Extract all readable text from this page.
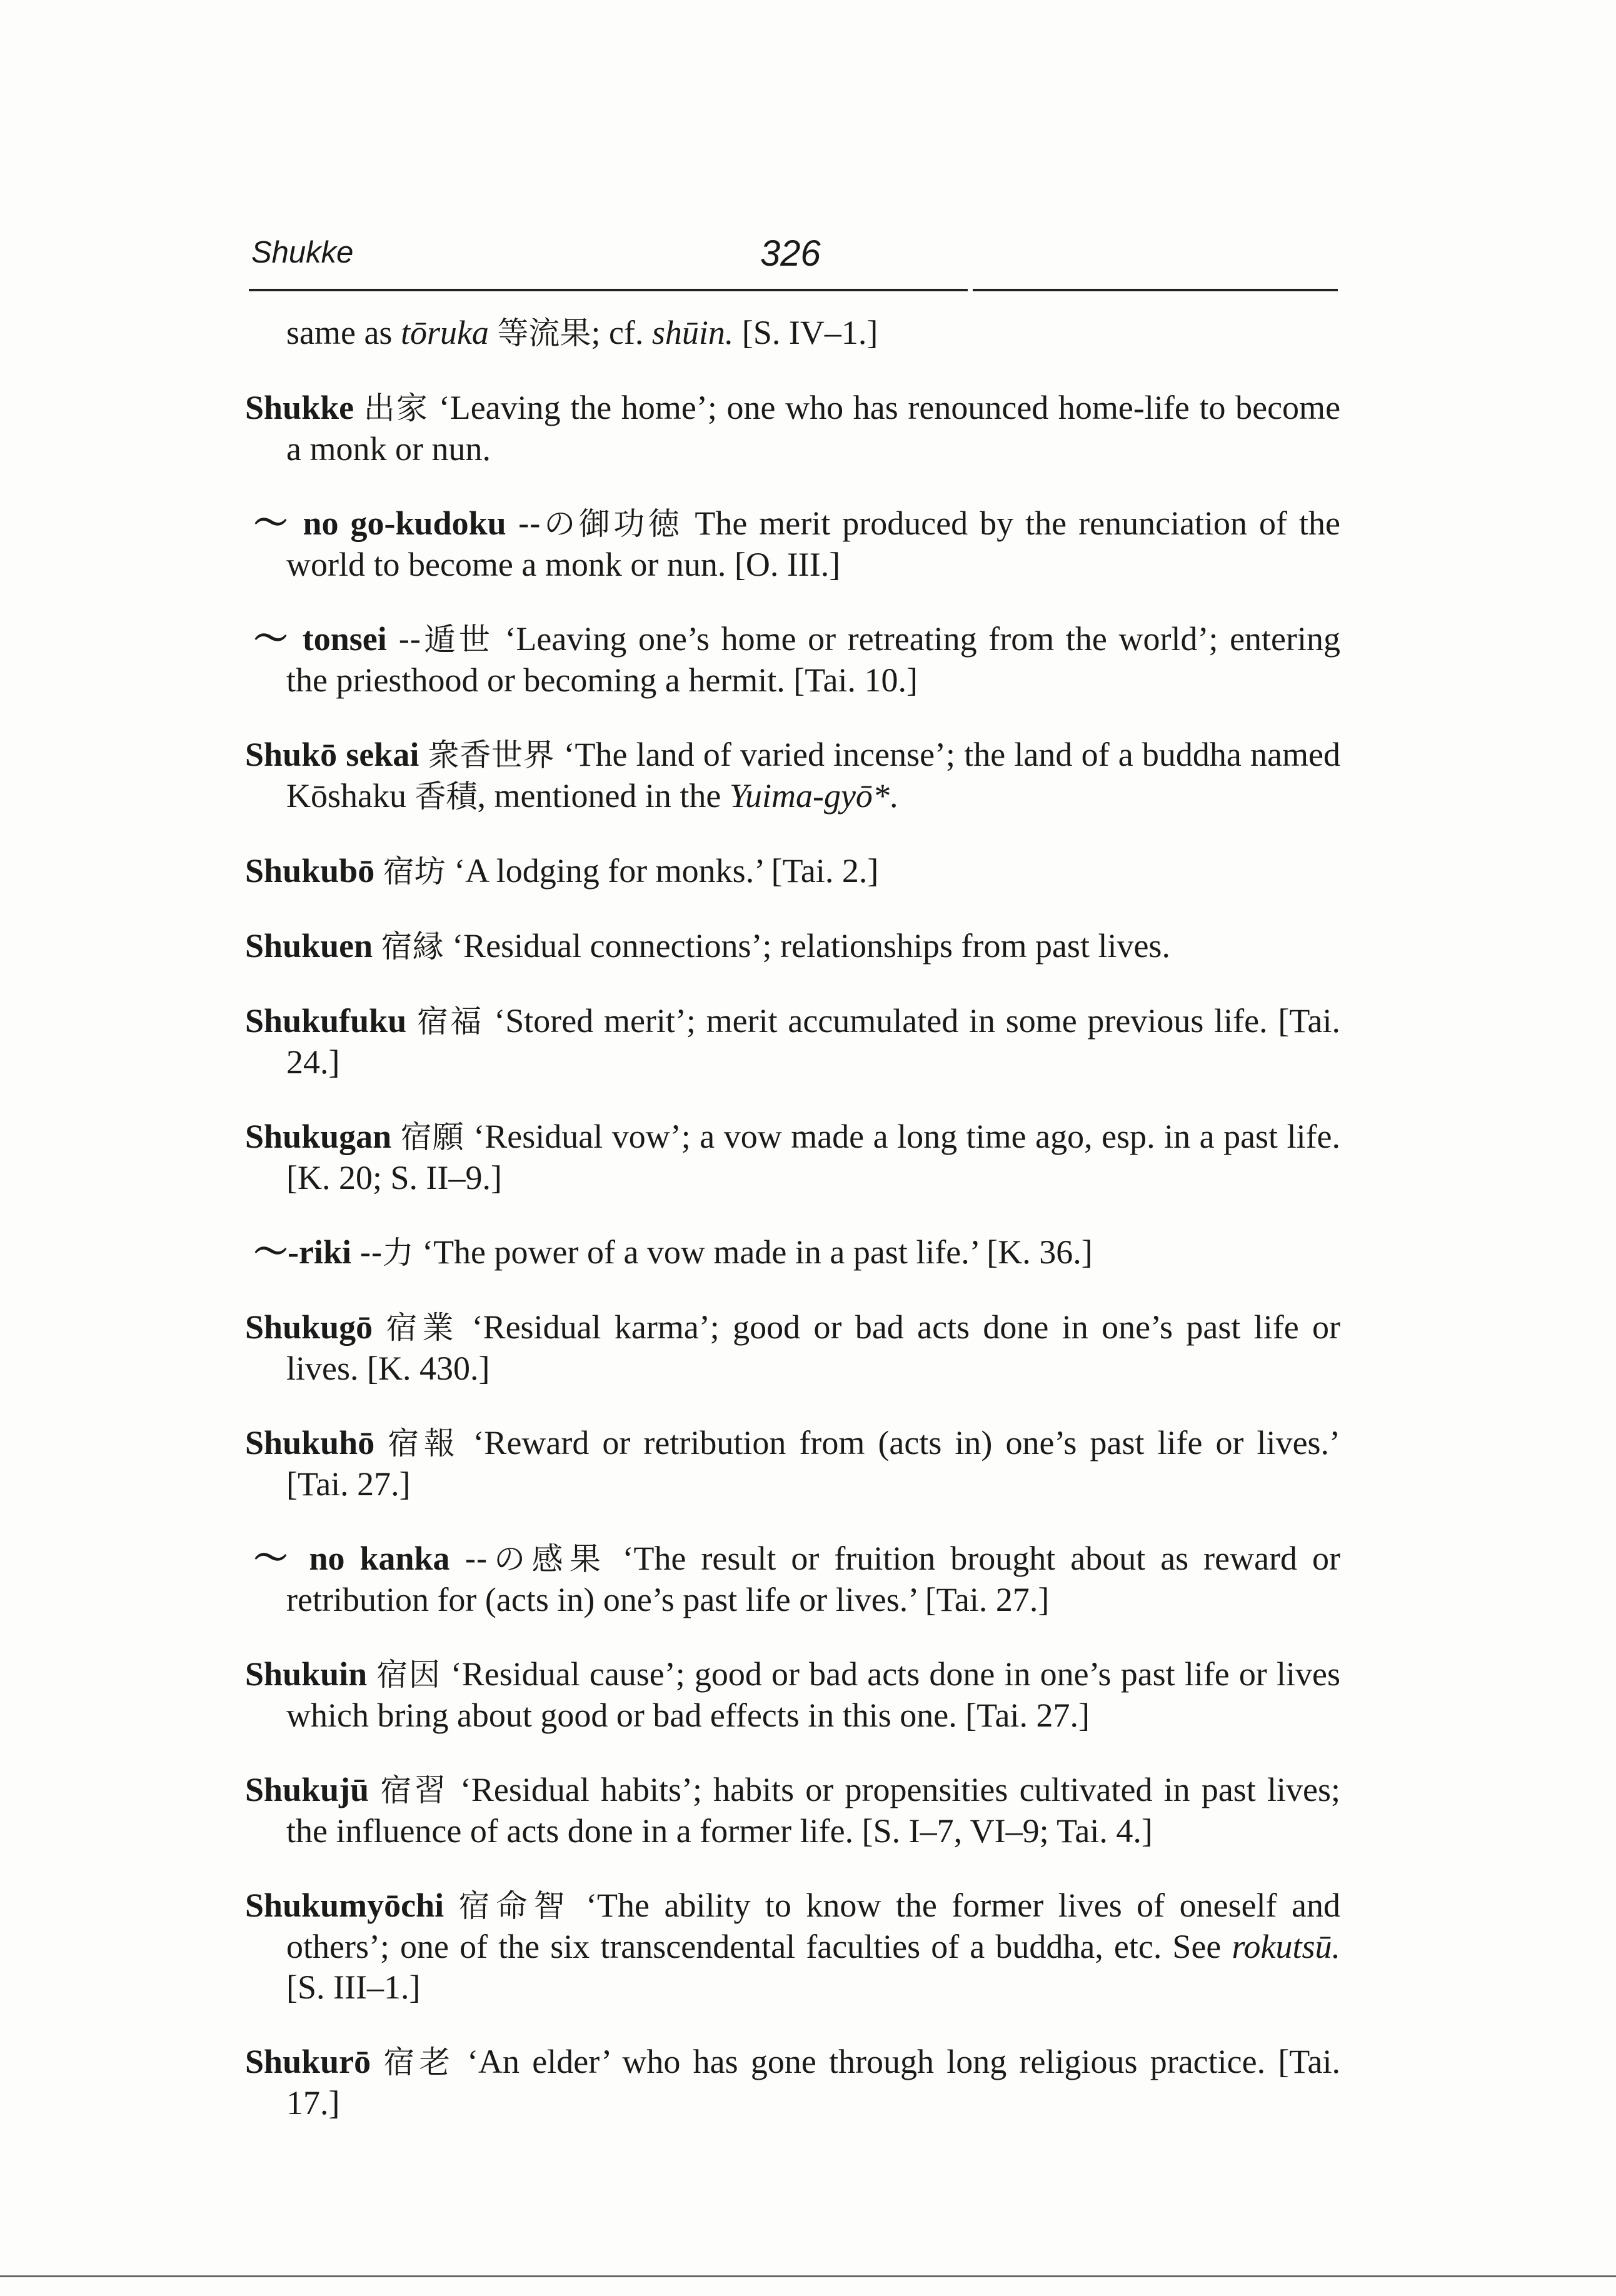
Shukke	326

same as tōruka 等流果; cf. shūin. [S. IV–1.]

Shukke 出家 ‘Leaving the home’; one who has renounced home-life to become a monk or nun.

～ no go-kudoku --の御功徳 The merit produced by the renunciation of the world to become a monk or nun. [O. III.]

～ tonsei --遁世 ‘Leaving one’s home or retreating from the world’; entering the priesthood or becoming a hermit. [Tai. 10.]

Shukō sekai 衆香世界 ‘The land of varied incense’; the land of a buddha named Kōshaku 香積, mentioned in the Yuima-gyō*.

Shukubō 宿坊 ‘A lodging for monks.’ [Tai. 2.]

Shukuen 宿縁 ‘Residual connections’; relationships from past lives.

Shukufuku 宿福 ‘Stored merit’; merit accumulated in some previous life. [Tai. 24.]

Shukugan 宿願 ‘Residual vow’; a vow made a long time ago, esp. in a past life. [K. 20; S. II–9.]

～-riki --力 ‘The power of a vow made in a past life.’ [K. 36.]

Shukugō 宿業 ‘Residual karma’; good or bad acts done in one’s past life or lives. [K. 430.]

Shukuhō 宿報 ‘Reward or retribution from (acts in) one’s past life or lives.’ [Tai. 27.]

～ no kanka --の感果 ‘The result or fruition brought about as reward or retribution for (acts in) one’s past life or lives.’ [Tai. 27.]

Shukuin 宿因 ‘Residual cause’; good or bad acts done in one’s past life or lives which bring about good or bad effects in this one. [Tai. 27.]

Shukujū 宿習 ‘Residual habits’; habits or propensities cultivated in past lives; the influence of acts done in a former life. [S. I–7, VI–9; Tai. 4.]

Shukumyōchi 宿命智 ‘The ability to know the former lives of oneself and others’; one of the six transcendental faculties of a buddha, etc. See rokutsū. [S. III–1.]

Shukurō 宿老 ‘An elder’ who has gone through long religious practice. [Tai. 17.]
